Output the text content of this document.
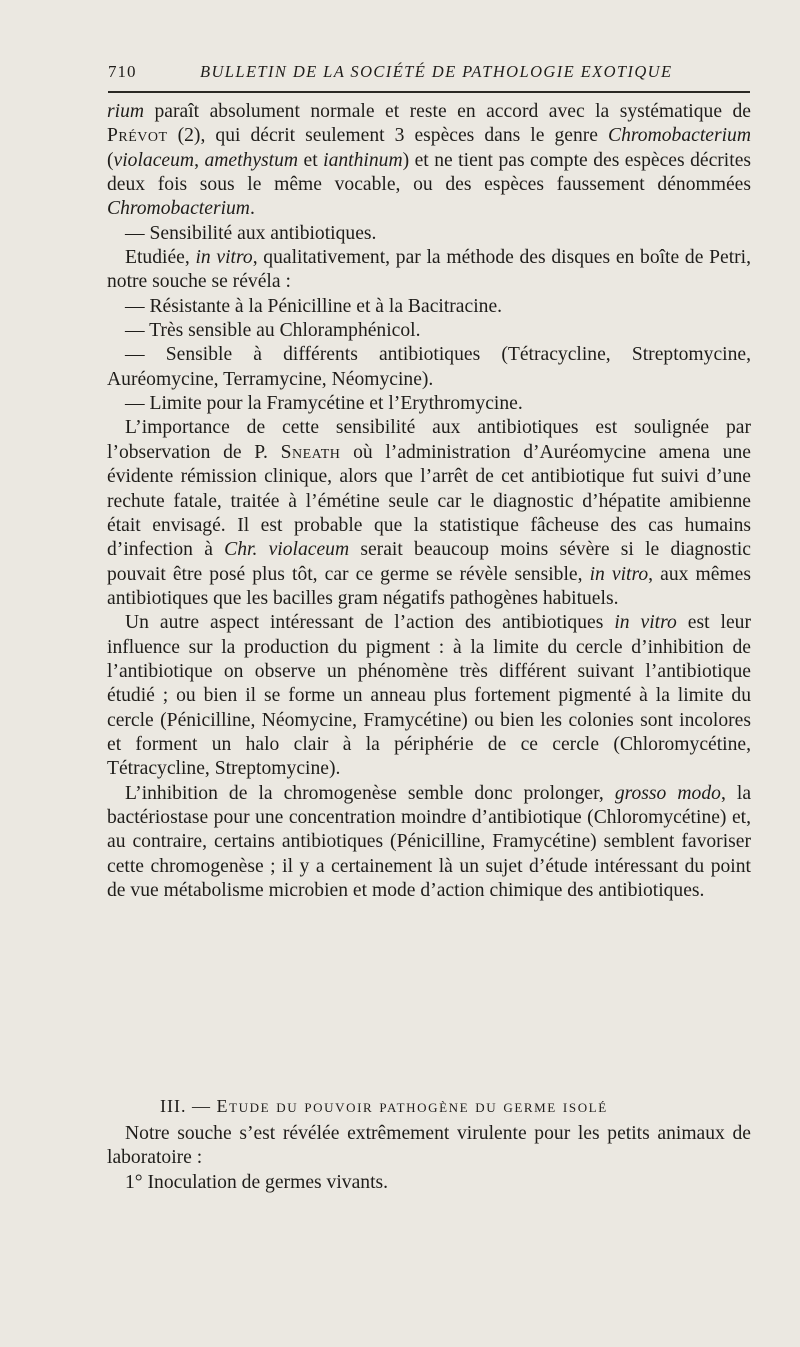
710	BULLETIN DE LA SOCIÉTÉ DE PATHOLOGIE EXOTIQUE

rium paraît absolument normale et reste en accord avec la systématique de Prévot (2), qui décrit seulement 3 espèces dans le genre Chromobacterium (violaceum, amethystum et ianthinum) et ne tient pas compte des espèces décrites deux fois sous le même vocable, ou des espèces faussement dénommées Chromobacterium.

— Sensibilité aux antibiotiques.

Etudiée, in vitro, qualitativement, par la méthode des disques en boîte de Petri, notre souche se révéla :

— Résistante à la Pénicilline et à la Bacitracine.

— Très sensible au Chloramphénicol.

— Sensible à différents antibiotiques (Tétracycline, Streptomycine, Auréomycine, Terramycine, Néomycine).

— Limite pour la Framycétine et l’Erythromycine.

L’importance de cette sensibilité aux antibiotiques est soulignée par l’observation de P. Sneath où l’administration d’Auréomycine amena une évidente rémission clinique, alors que l’arrêt de cet antibiotique fut suivi d’une rechute fatale, traitée à l’émétine seule car le diagnostic d’hépatite amibienne était envisagé. Il est probable que la statistique fâcheuse des cas humains d’infection à Chr. violaceum serait beaucoup moins sévère si le diagnostic pouvait être posé plus tôt, car ce germe se révèle sensible, in vitro, aux mêmes antibiotiques que les bacilles gram négatifs pathogènes habituels.

Un autre aspect intéressant de l’action des antibiotiques in vitro est leur influence sur la production du pigment : à la limite du cercle d’inhibition de l’antibiotique on observe un phénomène très différent suivant l’antibiotique étudié ; ou bien il se forme un anneau plus fortement pigmenté à la limite du cercle (Pénicilline, Néomycine, Framycétine) ou bien les colonies sont incolores et forment un halo clair à la périphérie de ce cercle (Chloromycétine, Tétracycline, Streptomycine).

L’inhibition de la chromogenèse semble donc prolonger, grosso modo, la bactériostase pour une concentration moindre d’antibiotique (Chloromycétine) et, au contraire, certains antibiotiques (Pénicilline, Framycétine) semblent favoriser cette chromogenèse ; il y a certainement là un sujet d’étude intéressant du point de vue métabolisme microbien et mode d’action chimique des antibiotiques.

III. — Etude du pouvoir pathogène du germe isolé

Notre souche s’est révélée extrêmement virulente pour les petits animaux de laboratoire :

1° Inoculation de germes vivants.
